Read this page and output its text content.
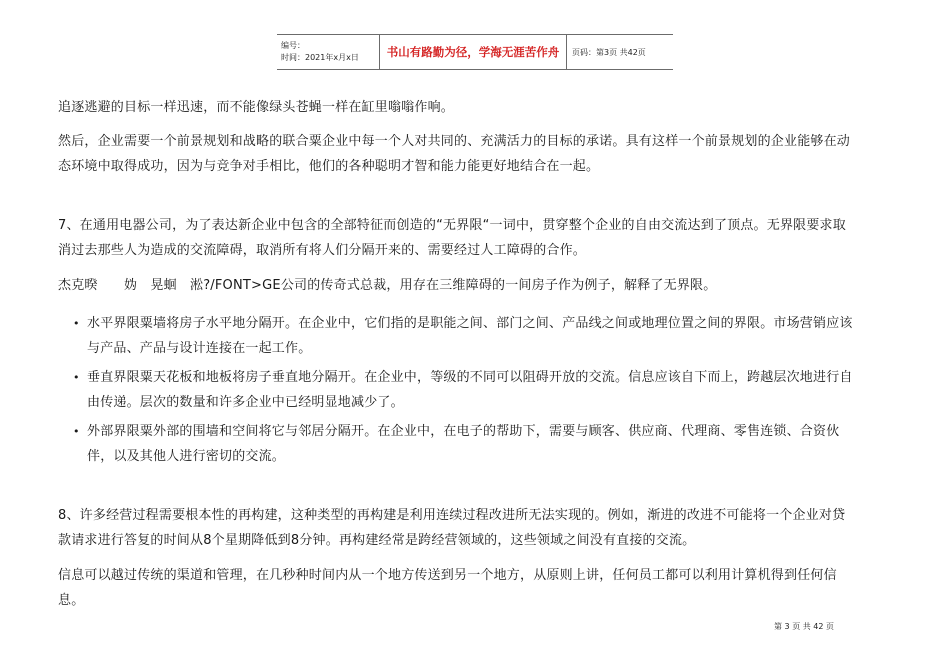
编号：
时间：2021年x月x日	书山有路勤为径，学海无涯苦作舟 页码：第3页 共42页

追逐逃避的目标一样迅速，而不能像绿头苍蝇一样在缸里嗡嗡作响。

然后，企业需要一个前景规划和战略的联合粟企业中每一个人对共同的、充满活力的目标的承诺。具有这样一个前景规划的企业能够在动态环境中取得成功，因为与竞争对手相比，他们的各种聪明才智和能力能更好地结合在一起。

7、在通用电器公司，为了表达新企业中包含的全部特征而创造的“无界限“一词中，贯穿整个企业的自由交流达到了顶点。无界限要求取消过去那些人为造成的交流障碍，取消所有将人们分隔开来的、需要经过人工障碍的合作。

杰克暌　　妫　晃蛔　淞?/FONT>GE公司的传奇式总裁，用存在三维障碍的一间房子作为例子，解释了无界限。

• 水平界限粟墙将房子水平地分隔开。在企业中，它们指的是职能之间、部门之间、产品线之间或地理位置之间的界限。市场营销应该与产品、产品与设计连接在一起工作。
• 垂直界限粟天花板和地板将房子垂直地分隔开。在企业中，等级的不同可以阻碍开放的交流。信息应该自下而上，跨越层次地进行自由传递。层次的数量和许多企业中已经明显地减少了。
• 外部界限粟外部的围墙和空间将它与邻居分隔开。在企业中，在电子的帮助下，需要与顾客、供应商、代理商、零售连锁、合资伙伴，以及其他人进行密切的交流。

8、许多经营过程需要根本性的再构建，这种类型的再构建是利用连续过程改进所无法实现的。例如，渐进的改进不可能将一个企业对贷款请求进行答复的时间从8个星期降低到8分钟。再构建经常是跨经营领域的，这些领域之间没有直接的交流。

信息可以越过传统的渠道和管理，在几秒种时间内从一个地方传送到另一个地方，从原则上讲，任何员工都可以利用计算机得到任何信息。

第 3 页 共 42 页
